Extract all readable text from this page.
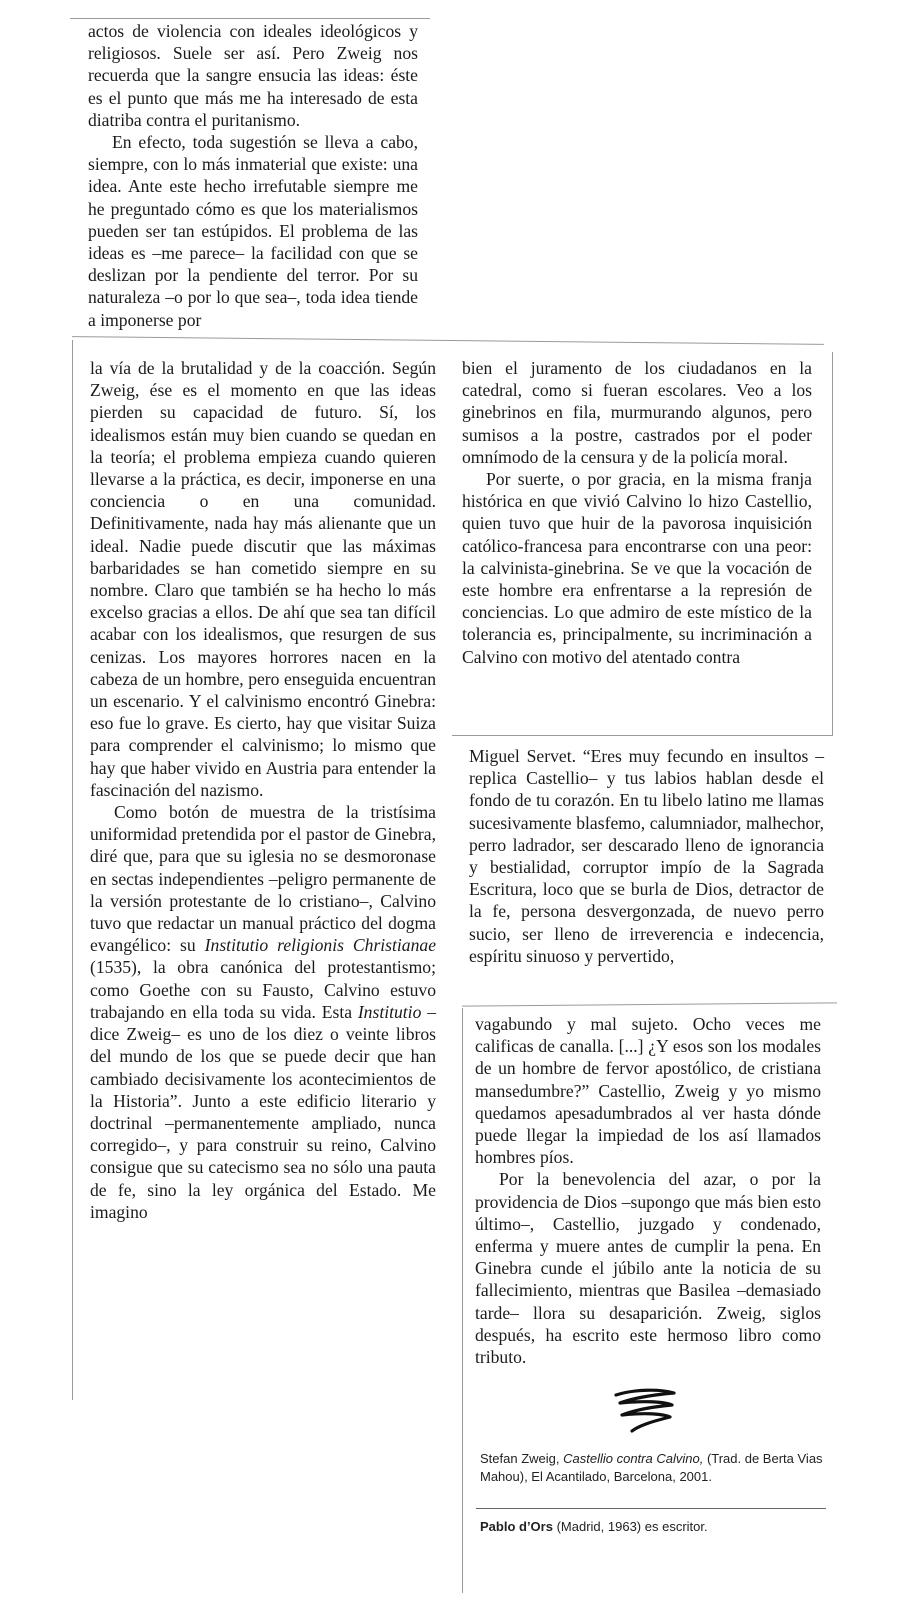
actos de violencia con ideales ideológicos y religiosos. Suele ser así. Pero Zweig nos recuerda que la sangre ensucia las ideas: éste es el punto que más me ha interesado de esta diatriba contra el puritanismo.

En efecto, toda sugestión se lleva a cabo, siempre, con lo más inmaterial que existe: una idea. Ante este hecho irrefutable siempre me he preguntado cómo es que los materialismos pueden ser tan estúpidos. El problema de las ideas es –me parece– la facilidad con que se deslizan por la pendiente del terror. Por su naturaleza –o por lo que sea–, toda idea tiende a imponerse por

la vía de la brutalidad y de la coacción. Según Zweig, ése es el momento en que las ideas pierden su capacidad de futuro. Sí, los idealismos están muy bien cuando se quedan en la teoría; el problema empieza cuando quieren llevarse a la práctica, es decir, imponerse en una conciencia o en una comunidad. Definitivamente, nada hay más alienante que un ideal. Nadie puede discutir que las máximas barbaridades se han cometido siempre en su nombre. Claro que también se ha hecho lo más excelso gracias a ellos. De ahí que sea tan difícil acabar con los idealismos, que resurgen de sus cenizas. Los mayores horrores nacen en la cabeza de un hombre, pero enseguida encuentran un escenario. Y el calvinismo encontró Ginebra: eso fue lo grave. Es cierto, hay que visitar Suiza para comprender el calvinismo; lo mismo que hay que haber vivido en Austria para entender la fascinación del nazismo.

Como botón de muestra de la tristísima uniformidad pretendida por el pastor de Ginebra, diré que, para que su iglesia no se desmoronase en sectas independientes –peligro permanente de la versión protestante de lo cristiano–, Calvino tuvo que redactar un manual práctico del dogma evangélico: su Institutio religionis Christianae (1535), la obra canónica del protestantismo; como Goethe con su Fausto, Calvino estuvo trabajando en ella toda su vida. Esta Institutio –dice Zweig– es uno de los diez o veinte libros del mundo de los que se puede decir que han cambiado decisivamente los acontecimientos de la Historia”. Junto a este edificio literario y doctrinal –permanentemente ampliado, nunca corregido–, y para construir su reino, Calvino consigue que su catecismo sea no sólo una pauta de fe, sino la ley orgánica del Estado. Me imagino

bien el juramento de los ciudadanos en la catedral, como si fueran escolares. Veo a los ginebrinos en fila, murmurando algunos, pero sumisos a la postre, castrados por el poder omnímodo de la censura y de la policía moral.

Por suerte, o por gracia, en la misma franja histórica en que vivió Calvino lo hizo Castellio, quien tuvo que huir de la pavorosa inquisición católico-francesa para encontrarse con una peor: la calvinista-ginebrina. Se ve que la vocación de este hombre era enfrentarse a la represión de conciencias. Lo que admiro de este místico de la tolerancia es, principalmente, su incriminación a Calvino con motivo del atentado contra

Miguel Servet. “Eres muy fecundo en insultos –replica Castellio– y tus labios hablan desde el fondo de tu corazón. En tu libelo latino me llamas sucesivamente blasfemo, calumniador, malhechor, perro ladrador, ser descarado lleno de ignorancia y bestialidad, corruptor impío de la Sagrada Escritura, loco que se burla de Dios, detractor de la fe, persona desvergonzada, de nuevo perro sucio, ser lleno de irreverencia e indecencia, espíritu sinuoso y pervertido,

vagabundo y mal sujeto. Ocho veces me calificas de canalla. [...] ¿Y esos son los modales de un hombre de fervor apostólico, de cristiana mansedumbre?” Castellio, Zweig y yo mismo quedamos apesadumbrados al ver hasta dónde puede llegar la impiedad de los así llamados hombres píos.

Por la benevolencia del azar, o por la providencia de Dios –supongo que más bien esto último–, Castellio, juzgado y condenado, enferma y muere antes de cumplir la pena. En Ginebra cunde el júbilo ante la noticia de su fallecimiento, mientras que Basilea –demasiado tarde– llora su desaparición. Zweig, siglos después, ha escrito este hermoso libro como tributo.

Stefan Zweig, Castellio contra Calvino, (Trad. de Berta Vias Mahou), El Acantilado, Barcelona, 2001.
Pablo d’Ors (Madrid, 1963) es escritor.
